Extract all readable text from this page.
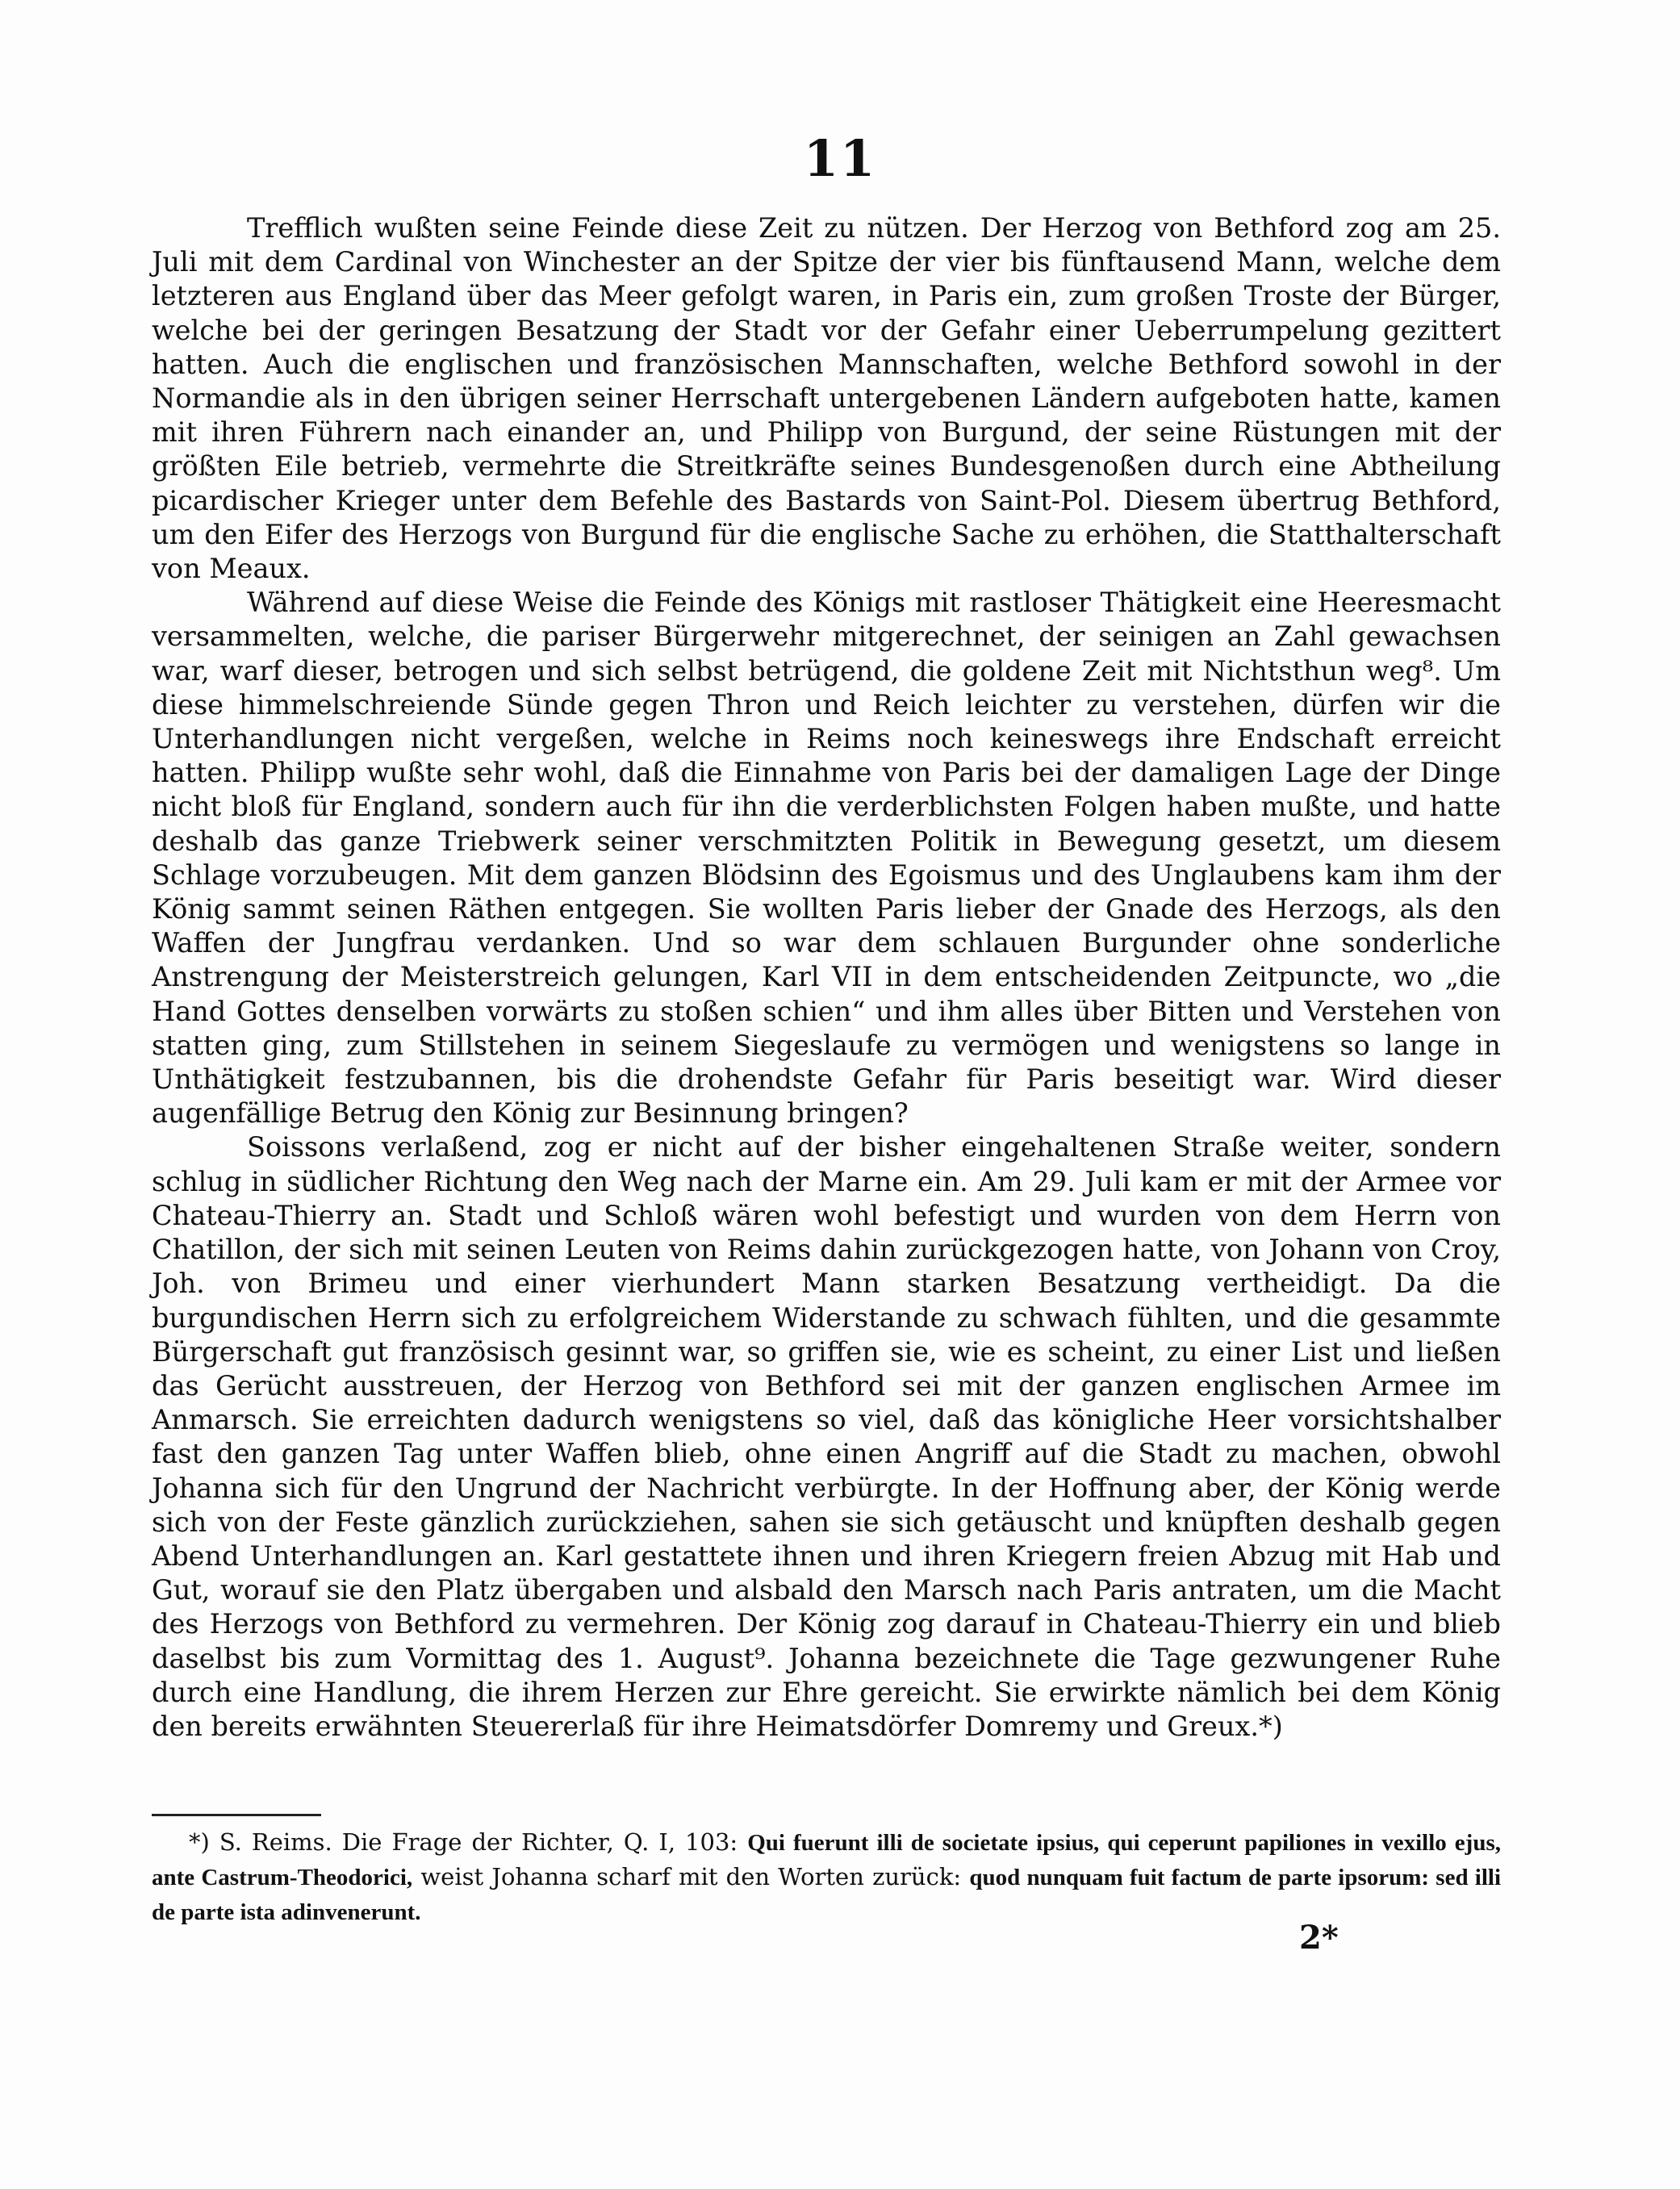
11

Trefflich wußten seine Feinde diese Zeit zu nützen. Der Herzog von Bethford zog am 25. Juli mit dem Cardinal von Winchester an der Spitze der vier bis fünftausend Mann, welche dem letzteren aus England über das Meer gefolgt waren, in Paris ein, zum großen Troste der Bürger, welche bei der geringen Besatzung der Stadt vor der Gefahr einer Ueberrumpelung gezittert hatten. Auch die englischen und französischen Mannschaften, welche Bethford sowohl in der Normandie als in den übrigen seiner Herrschaft untergebenen Ländern aufgeboten hatte, kamen mit ihren Führern nach einander an, und Philipp von Burgund, der seine Rüstungen mit der größten Eile betrieb, vermehrte die Streitkräfte seines Bundesgenoßen durch eine Abtheilung picardischer Krieger unter dem Befehle des Bastards von Saint-Pol. Diesem übertrug Bethford, um den Eifer des Herzogs von Burgund für die englische Sache zu erhöhen, die Statthalterschaft von Meaux.

Während auf diese Weise die Feinde des Königs mit rastloser Thätigkeit eine Heeresmacht versammelten, welche, die pariser Bürgerwehr mitgerechnet, der seinigen an Zahl gewachsen war, warf dieser, betrogen und sich selbst betrügend, die goldene Zeit mit Nichtsthun weg⁸. Um diese himmelschreiende Sünde gegen Thron und Reich leichter zu verstehen, dürfen wir die Unterhandlungen nicht vergeßen, welche in Reims noch keineswegs ihre Endschaft erreicht hatten. Philipp wußte sehr wohl, daß die Einnahme von Paris bei der damaligen Lage der Dinge nicht bloß für England, sondern auch für ihn die verderblichsten Folgen haben mußte, und hatte deshalb das ganze Triebwerk seiner verschmitzten Politik in Bewegung gesetzt, um diesem Schlage vorzubeugen. Mit dem ganzen Blödsinn des Egoismus und des Unglaubens kam ihm der König sammt seinen Räthen entgegen. Sie wollten Paris lieber der Gnade des Herzogs, als den Waffen der Jungfrau verdanken. Und so war dem schlauen Burgunder ohne sonderliche Anstrengung der Meisterstreich gelungen, Karl VII in dem entscheidenden Zeitpuncte, wo „die Hand Gottes denselben vorwärts zu stoßen schien“ und ihm alles über Bitten und Verstehen von statten ging, zum Stillstehen in seinem Siegeslaufe zu vermögen und wenigstens so lange in Unthätigkeit festzubannen, bis die drohendste Gefahr für Paris beseitigt war. Wird dieser augenfällige Betrug den König zur Besinnung bringen?

Soissons verlaßend, zog er nicht auf der bisher eingehaltenen Straße weiter, sondern schlug in südlicher Richtung den Weg nach der Marne ein. Am 29. Juli kam er mit der Armee vor Chateau-Thierry an. Stadt und Schloß wären wohl befestigt und wurden von dem Herrn von Chatillon, der sich mit seinen Leuten von Reims dahin zurückgezogen hatte, von Johann von Croy, Joh. von Brimeu und einer vierhundert Mann starken Besatzung vertheidigt. Da die burgundischen Herrn sich zu erfolgreichem Widerstande zu schwach fühlten, und die gesammte Bürgerschaft gut französisch gesinnt war, so griffen sie, wie es scheint, zu einer List und ließen das Gerücht ausstreuen, der Herzog von Bethford sei mit der ganzen englischen Armee im Anmarsch. Sie erreichten dadurch wenigstens so viel, daß das königliche Heer vorsichtshalber fast den ganzen Tag unter Waffen blieb, ohne einen Angriff auf die Stadt zu machen, obwohl Johanna sich für den Ungrund der Nachricht verbürgte. In der Hoffnung aber, der König werde sich von der Feste gänzlich zurückziehen, sahen sie sich getäuscht und knüpften deshalb gegen Abend Unterhandlungen an. Karl gestattete ihnen und ihren Kriegern freien Abzug mit Hab und Gut, worauf sie den Platz übergaben und alsbald den Marsch nach Paris antraten, um die Macht des Herzogs von Bethford zu vermehren. Der König zog darauf in Chateau-Thierry ein und blieb daselbst bis zum Vormittag des 1. August⁹. Johanna bezeichnete die Tage gezwungener Ruhe durch eine Handlung, die ihrem Herzen zur Ehre gereicht. Sie erwirkte nämlich bei dem König den bereits erwähnten Steuererlaß für ihre Heimatsdörfer Domremy und Greux.*)

*) S. Reims. Die Frage der Richter, Q. I, 103: Qui fuerunt illi de societate ipsius, qui ceperunt papiliones in vexillo ejus, ante Castrum-Theodorici, weist Johanna scharf mit den Worten zurück: quod nunquam fuit factum de parte ipsorum: sed illi de parte ista adinvenerunt.

2*
